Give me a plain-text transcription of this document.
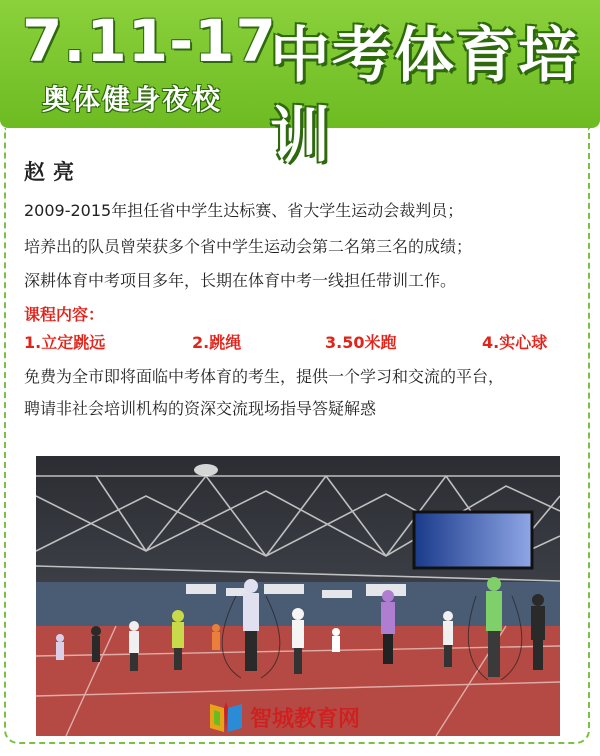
7.11-17
奥体健身夜校
中考体育培训
赵亮
2009-2015年担任省中学生达标赛、省大学生运动会裁判员；
培养出的队员曾荣获多个省中学生运动会第二名第三名的成绩；
深耕体育中考项目多年，长期在体育中考一线担任带训工作。
课程内容：
1.立定跳远	2.跳绳	3.50米跑	4.实心球
免费为全市即将面临中考体育的考生，提供一个学习和交流的平台，
聘请非社会培训机构的资深交流现场指导答疑解惑
智城教育网
